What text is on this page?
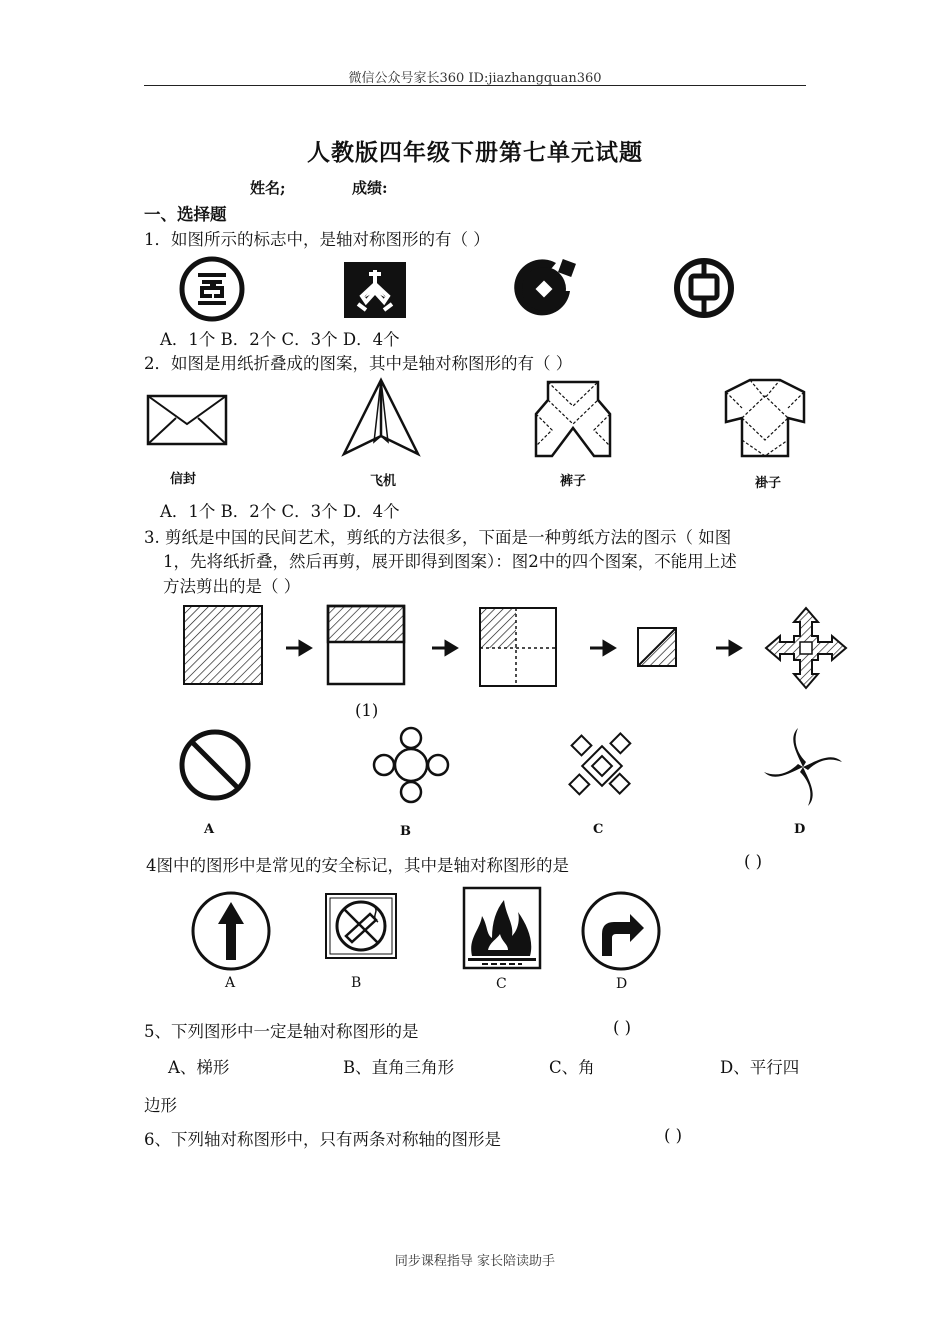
微信公众号家长360 ID:jiazhangquan360
人教版四年级下册第七单元试题
姓名;	成绩:
一、选择题
1．如图所示的标志中，是轴对称图形的有（ ）
A．1个 B．2个 C．3个 D．4个
2．如图是用纸折叠成的图案，其中是轴对称图形的有（ ）
信封	飞机	裤子	褂子
A．1个 B．2个 C．3个 D．4个
3. 剪纸是中国的民间艺术，剪纸的方法很多，下面是一种剪纸方法的图示（ 如图
1，先将纸折叠，然后再剪，展开即得到图案）：图2中的四个图案，不能用上述
方法剪出的是（ ）
(1)
A	B	C	D
4图中的图形中是常见的安全标记，其中是轴对称图形的是	( )
A	B	C	D
5、下列图形中一定是轴对称图形的是	( )
A、梯形	B、直角三角形	C、角	D、平行四
边形
6、下列轴对称图形中，只有两条对称轴的图形是	( )
同步课程指导 家长陪读助手
